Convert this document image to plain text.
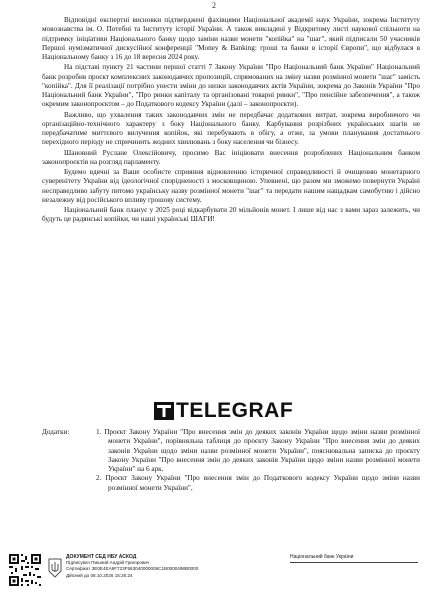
2

Відповідні експертні висновки підтверджені фахівцями Національної академії наук України, зокрема Інституту мовознавства ім. О. Потебні та Інституту історії України. А також викладені у Відкритому листі наукової спільноти на підтримку ініціативи Національного банку щодо заміни назви монети "копійка" на "шаг", який підписали 50 учасників Першої нумізматичної дискусійної конференції "Money & Banking: гроші та банки в історії Європи", що відбулася в Національному банку з 16 до 18 вересня 2024 року.

На підставі пункту 21 частини першої статті 7 Закону України "Про Національний банк України" Національний банк розробив проєкт комплексних законодавчих пропозицій, спрямованих на зміну назви розмінної монети "шаг" замість "копійка". Для її реалізації потрібно унести зміни до низки законодавчих актів України, зокрема до Законів України "Про Національний банк України", "Про ринки капіталу та організовані товарні ринки", "Про пенсійне забезпечення", а також окремим законопроєктом – до Податкового кодексу України (далі – законопроєкти).

Важливо, що ухвалення таких законодавчих змін не передбачає додаткових витрат, зокрема виробничого чи організаційно-технічного характеру з боку Національного банку. Карбування розрізбних українських шагів не передбачатиме миттєвого вилучення копійок, які перебувають в обігу, а отже, за умови планування достатнього перехідного періоду не спричинить жодних хвилювань з боку населення чи бізнесу.

Шановний Руслане Олексійовичу, просимо Вас ініціювати внесення розроблених Національним банком законопроєктів на розгляд парламенту.

Будемо вдячні за Ваше особисте сприяння відновленню історичної справедливості й очищенню монетарного суверенітету України від ідеологічної спорідненості з московщиною. Упевнені, що разом ми зможемо повернути Україні несправедливо забуту питомо українську назву розмінної монети "шаг" та передати нашим нащадкам самобутню і дійсно незалежну від російського впливу грошову систему.

Національний банк планує у 2025 році відкарбувати 20 мільйонів монет. І лише від нас з вами зараз залежить, чи будуть це радянські копійки, чи наші українські ШАГИ!

TELEGRAF
Додатки:	1. Проєкт Закону України "Про внесення змін до деяких законів України щодо зміни назви розмінної монети України", порівняльна таблиця до проєкту Закону України "Про внесення змін до деяких законів України щодо зміни назви розмінної монети України", пояснювальна записка до проєкту Закону України "Про внесення змін до деяких законів України щодо зміни назви розмінної монети України" на 6 арк.

2. Проєкт Закону України "Про внесення змін до Податкового кодексу України щодо зміни назви розмінної монети України",

ДОКУМЕНТ СЕД НБУ АСКОД
Підписувач Пишний Андрій Григорович
Сертифікат 3E0E4EA9F723F563040000006C1B0000498B0000
Дійсний до 08.10.2026 15:26:24
Національний банк України
